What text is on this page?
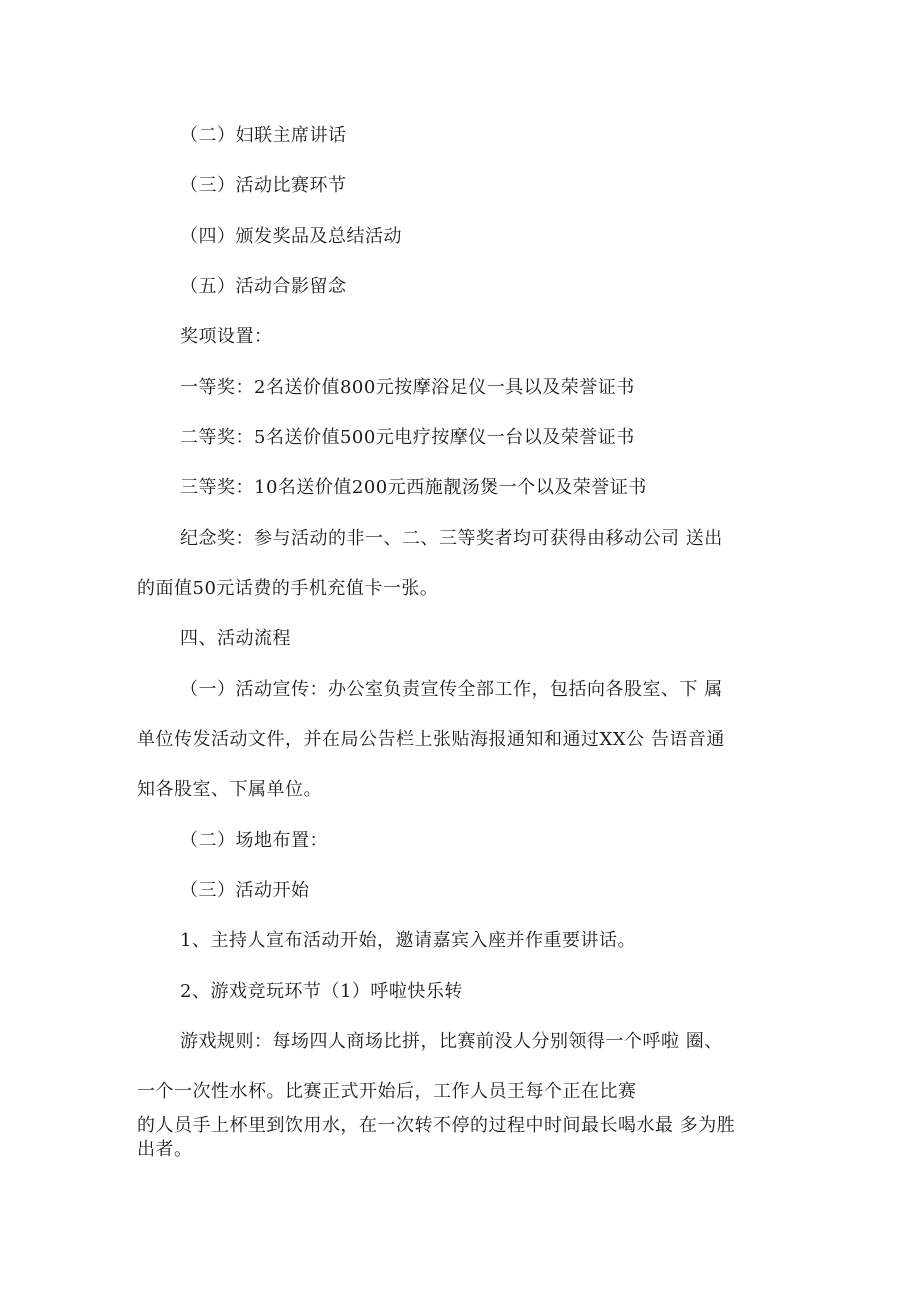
（二）妇联主席讲话
（三）活动比赛环节
（四）颁发奖品及总结活动
（五）活动合影留念
奖项设置：
一等奖：2名送价值800元按摩浴足仪一具以及荣誉证书
二等奖：5名送价值500元电疗按摩仪一台以及荣誉证书
三等奖：10名送价值200元西施靓汤煲一个以及荣誉证书
纪念奖：参与活动的非一、二、三等奖者均可获得由移动公司 送出
的面值50元话费的手机充值卡一张。
四、活动流程
（一）活动宣传：办公室负责宣传全部工作，包括向各股室、下 属
单位传发活动文件，并在局公告栏上张贴海报通知和通过XX公 告语音通
知各股室、下属单位。
（二）场地布置：
（三）活动开始
1、主持人宣布活动开始，邀请嘉宾入座并作重要讲话。
2、游戏竞玩环节（1）呼啦快乐转
游戏规则：每场四人商场比拼，比赛前没人分别领得一个呼啦 圈、
一个一次性水杯。比赛正式开始后，工作人员王每个正在比赛
的人员手上杯里到饮用水，在一次转不停的过程中时间最长喝水最 多为胜
出者。
